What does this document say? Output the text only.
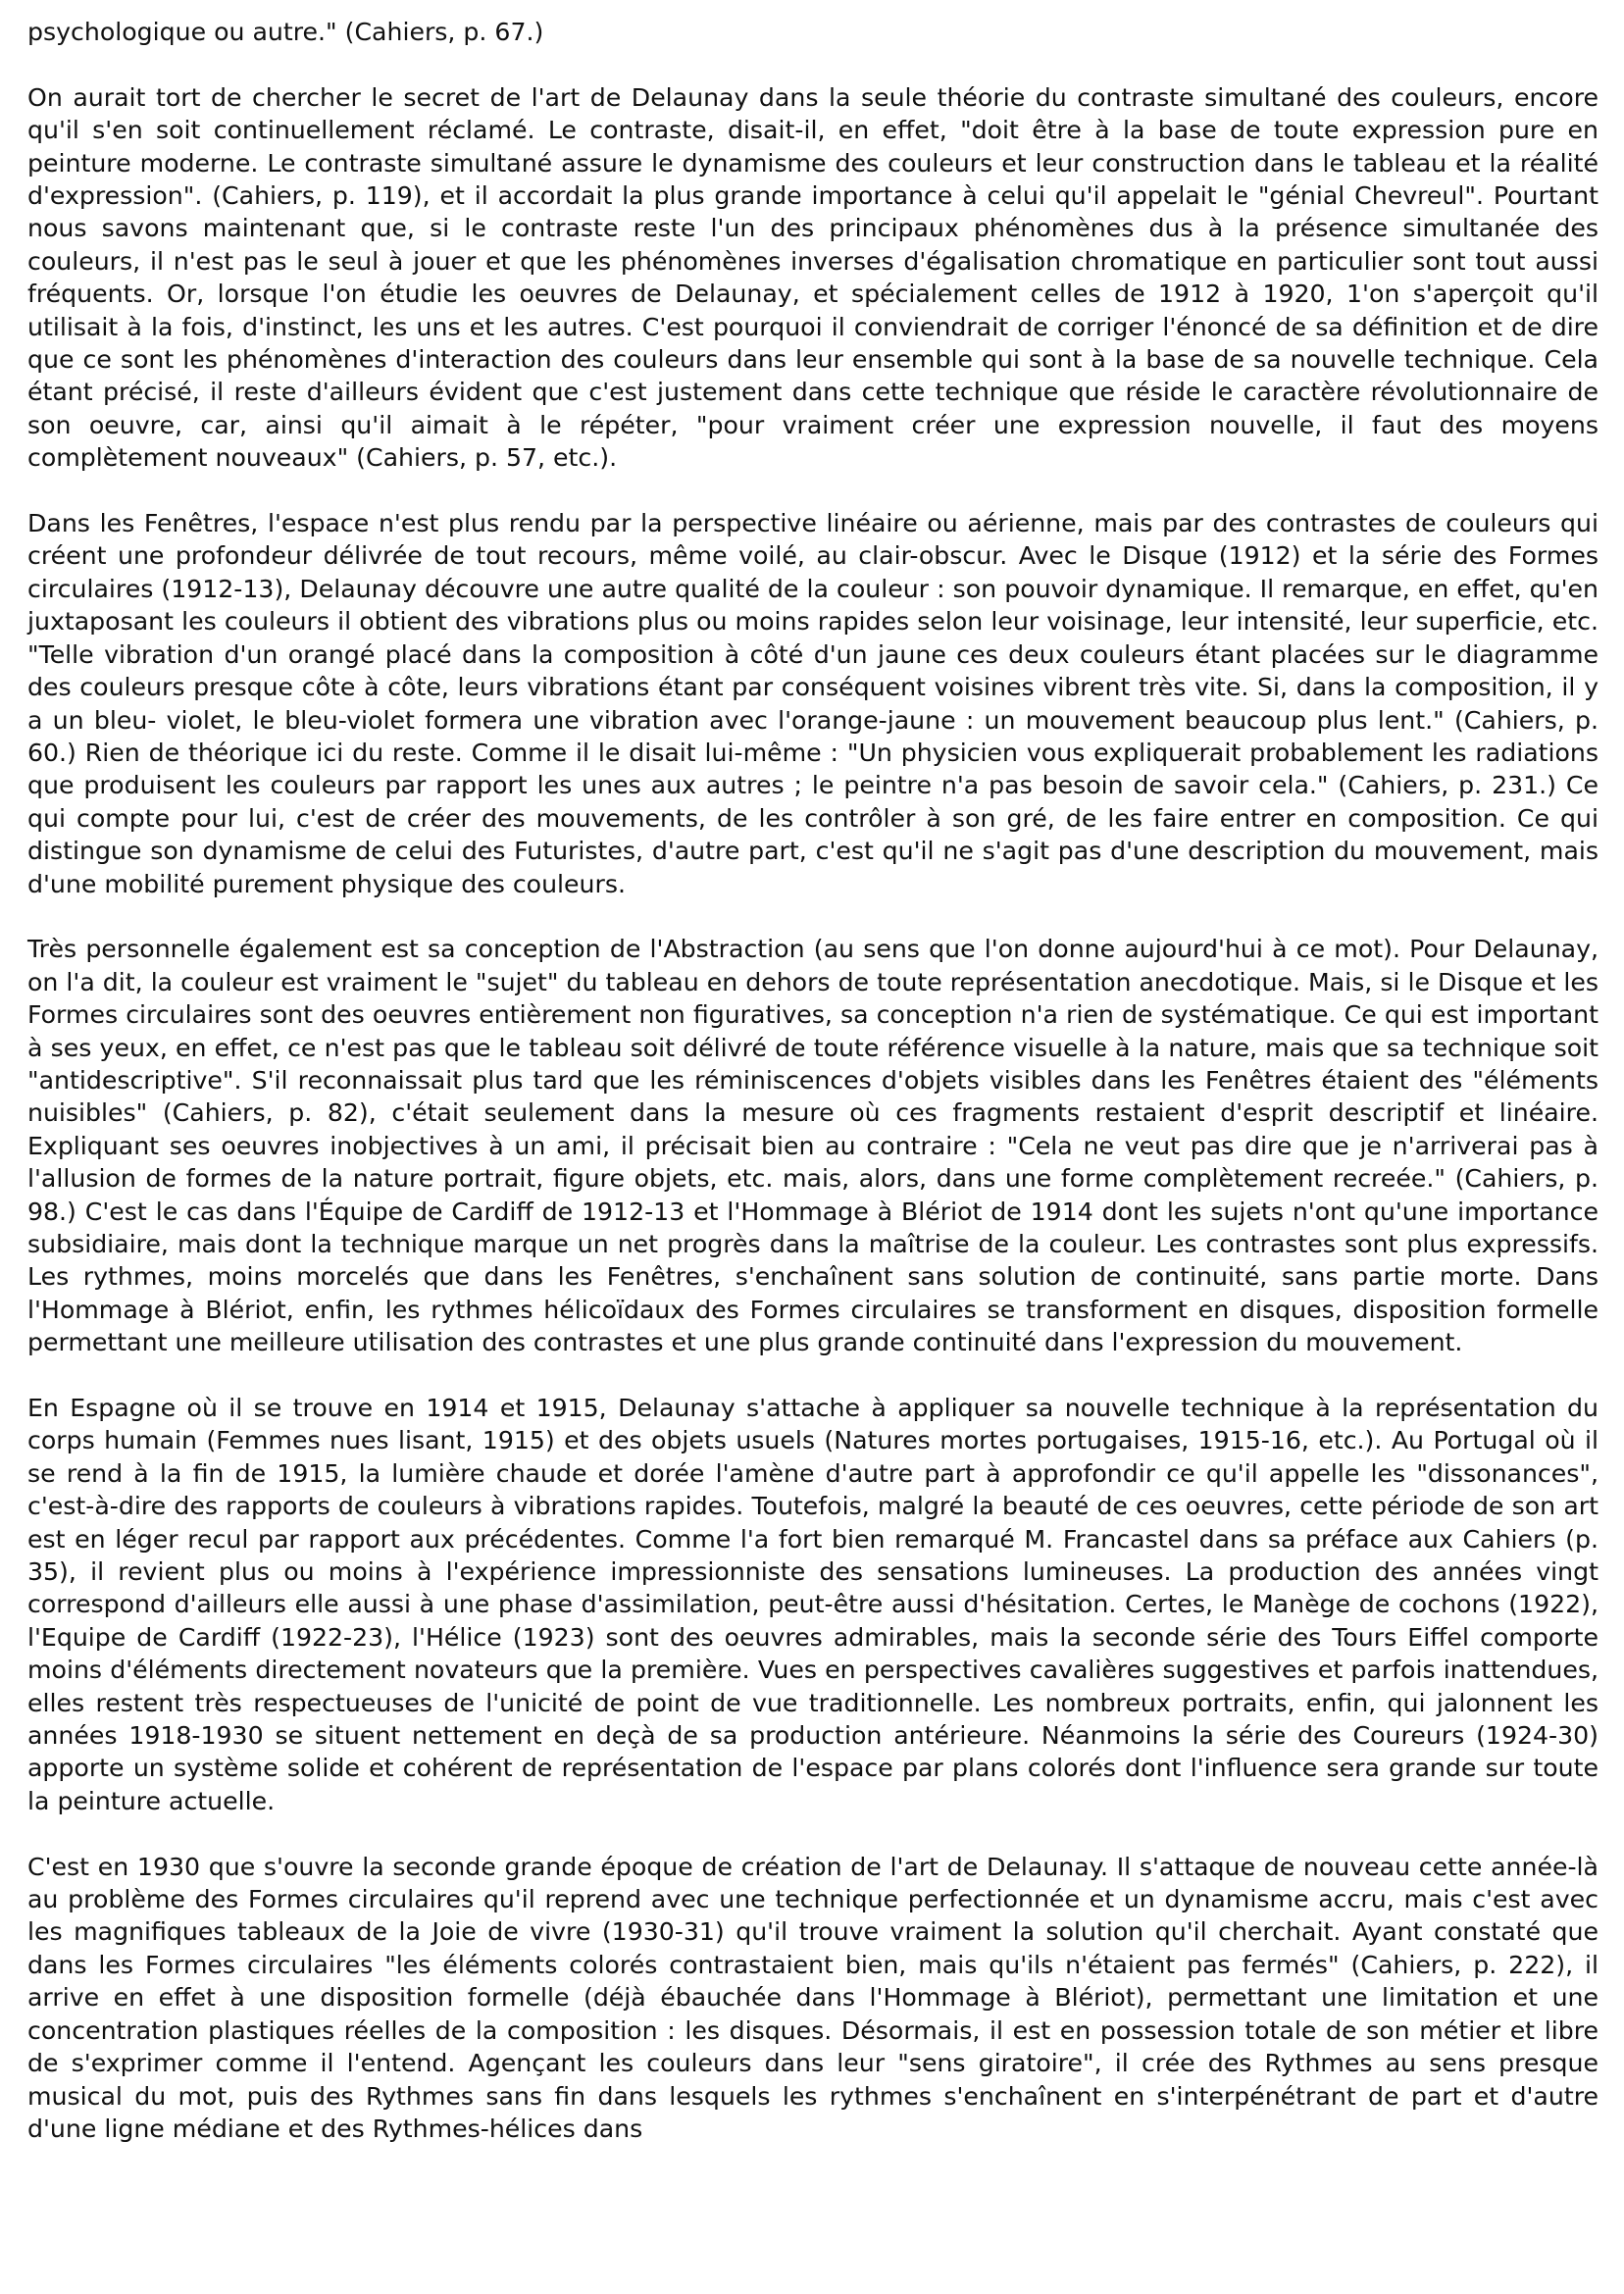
psychologique ou autre." (Cahiers, p. 67.)

On aurait tort de chercher le secret de l'art de Delaunay dans la seule théorie du contraste simultané des couleurs, encore qu'il s'en soit continuellement réclamé. Le contraste, disait-il, en effet, "doit être à la base de toute expression pure en peinture moderne. Le contraste simultané assure le dynamisme des couleurs et leur construction dans le tableau et la réalité d'expression". (Cahiers, p. 119), et il accordait la plus grande importance à celui qu'il appelait le "génial Chevreul". Pourtant nous savons maintenant que, si le contraste reste l'un des principaux phénomènes dus à la présence simultanée des couleurs, il n'est pas le seul à jouer et que les phénomènes inverses d'égalisation chromatique en particulier sont tout aussi fréquents. Or, lorsque l'on étudie les oeuvres de Delaunay, et spécialement celles de 1912 à 1920, 1'on s'aperçoit qu'il utilisait à la fois, d'instinct, les uns et les autres. C'est pourquoi il conviendrait de corriger l'énoncé de sa définition et de dire que ce sont les phénomènes d'interaction des couleurs dans leur ensemble qui sont à la base de sa nouvelle technique. Cela étant précisé, il reste d'ailleurs évident que c'est justement dans cette technique que réside le caractère révolutionnaire de son oeuvre, car, ainsi qu'il aimait à le répéter, "pour vraiment créer une expression nouvelle, il faut des moyens complètement nouveaux" (Cahiers, p. 57, etc.).

Dans les Fenêtres, l'espace n'est plus rendu par la perspective linéaire ou aérienne, mais par des contrastes de couleurs qui créent une profondeur délivrée de tout recours, même voilé, au clair-obscur. Avec le Disque (1912) et la série des Formes circulaires (1912-13), Delaunay découvre une autre qualité de la couleur : son pouvoir dynamique. Il remarque, en effet, qu'en juxtaposant les couleurs il obtient des vibrations plus ou moins rapides selon leur voisinage, leur intensité, leur superficie, etc. "Telle vibration d'un orangé placé dans la composition à côté d'un jaune ces deux couleurs étant placées sur le diagramme des couleurs presque côte à côte, leurs vibrations étant par conséquent voisines vibrent très vite. Si, dans la composition, il y a un bleu- violet, le bleu-violet formera une vibration avec l'orange-jaune : un mouvement beaucoup plus lent." (Cahiers, p. 60.) Rien de théorique ici du reste. Comme il le disait lui-même : "Un physicien vous expliquerait probablement les radiations que produisent les couleurs par rapport les unes aux autres ; le peintre n'a pas besoin de savoir cela." (Cahiers, p. 231.) Ce qui compte pour lui, c'est de créer des mouvements, de les contrôler à son gré, de les faire entrer en composition. Ce qui distingue son dynamisme de celui des Futuristes, d'autre part, c'est qu'il ne s'agit pas d'une description du mouvement, mais d'une mobilité purement physique des couleurs.

Très personnelle également est sa conception de l'Abstraction (au sens que l'on donne aujourd'hui à ce mot). Pour Delaunay, on l'a dit, la couleur est vraiment le "sujet" du tableau en dehors de toute représentation anecdotique. Mais, si le Disque et les Formes circulaires sont des oeuvres entièrement non figuratives, sa conception n'a rien de systématique. Ce qui est important à ses yeux, en effet, ce n'est pas que le tableau soit délivré de toute référence visuelle à la nature, mais que sa technique soit "antidescriptive". S'il reconnaissait plus tard que les réminiscences d'objets visibles dans les Fenêtres étaient des "éléments nuisibles" (Cahiers, p. 82), c'était seulement dans la mesure où ces fragments restaient d'esprit descriptif et linéaire. Expliquant ses oeuvres inobjectives à un ami, il précisait bien au contraire : "Cela ne veut pas dire que je n'arriverai pas à l'allusion de formes de la nature portrait, figure objets, etc. mais, alors, dans une forme complètement recreée." (Cahiers, p. 98.) C'est le cas dans l'Équipe de Cardiff de 1912-13 et l'Hommage à Blériot de 1914 dont les sujets n'ont qu'une importance subsidiaire, mais dont la technique marque un net progrès dans la maîtrise de la couleur. Les contrastes sont plus expressifs. Les rythmes, moins morcelés que dans les Fenêtres, s'enchaînent sans solution de continuité, sans partie morte. Dans l'Hommage à Blériot, enfin, les rythmes hélicoïdaux des Formes circulaires se transforment en disques, disposition formelle permettant une meilleure utilisation des contrastes et une plus grande continuité dans l'expression du mouvement.

En Espagne où il se trouve en 1914 et 1915, Delaunay s'attache à appliquer sa nouvelle technique à la représentation du corps humain (Femmes nues lisant, 1915) et des objets usuels (Natures mortes portugaises, 1915-16, etc.). Au Portugal où il se rend à la fin de 1915, la lumière chaude et dorée l'amène d'autre part à approfondir ce qu'il appelle les "dissonances", c'est-à-dire des rapports de couleurs à vibrations rapides. Toutefois, malgré la beauté de ces oeuvres, cette période de son art est en léger recul par rapport aux précédentes. Comme l'a fort bien remarqué M. Francastel dans sa préface aux Cahiers (p. 35), il revient plus ou moins à l'expérience impressionniste des sensations lumineuses. La production des années vingt correspond d'ailleurs elle aussi à une phase d'assimilation, peut-être aussi d'hésitation. Certes, le Manège de cochons (1922), l'Equipe de Cardiff (1922-23), l'Hélice (1923) sont des oeuvres admirables, mais la seconde série des Tours Eiffel comporte moins d'éléments directement novateurs que la première. Vues en perspectives cavalières suggestives et parfois inattendues, elles restent très respectueuses de l'unicité de point de vue traditionnelle. Les nombreux portraits, enfin, qui jalonnent les années 1918-1930 se situent nettement en deçà de sa production antérieure. Néanmoins la série des Coureurs (1924-30) apporte un système solide et cohérent de représentation de l'espace par plans colorés dont l'influence sera grande sur toute la peinture actuelle.

C'est en 1930 que s'ouvre la seconde grande époque de création de l'art de Delaunay. Il s'attaque de nouveau cette année-là au problème des Formes circulaires qu'il reprend avec une technique perfectionnée et un dynamisme accru, mais c'est avec les magnifiques tableaux de la Joie de vivre (1930-31) qu'il trouve vraiment la solution qu'il cherchait. Ayant constaté que dans les Formes circulaires "les éléments colorés contrastaient bien, mais qu'ils n'étaient pas fermés" (Cahiers, p. 222), il arrive en effet à une disposition formelle (déjà ébauchée dans l'Hommage à Blériot), permettant une limitation et une concentration plastiques réelles de la composition : les disques. Désormais, il est en possession totale de son métier et libre de s'exprimer comme il l'entend. Agençant les couleurs dans leur "sens giratoire", il crée des Rythmes au sens presque musical du mot, puis des Rythmes sans fin dans lesquels les rythmes s'enchaînent en s'interpénétrant de part et d'autre d'une ligne médiane et des Rythmes-hélices dans
